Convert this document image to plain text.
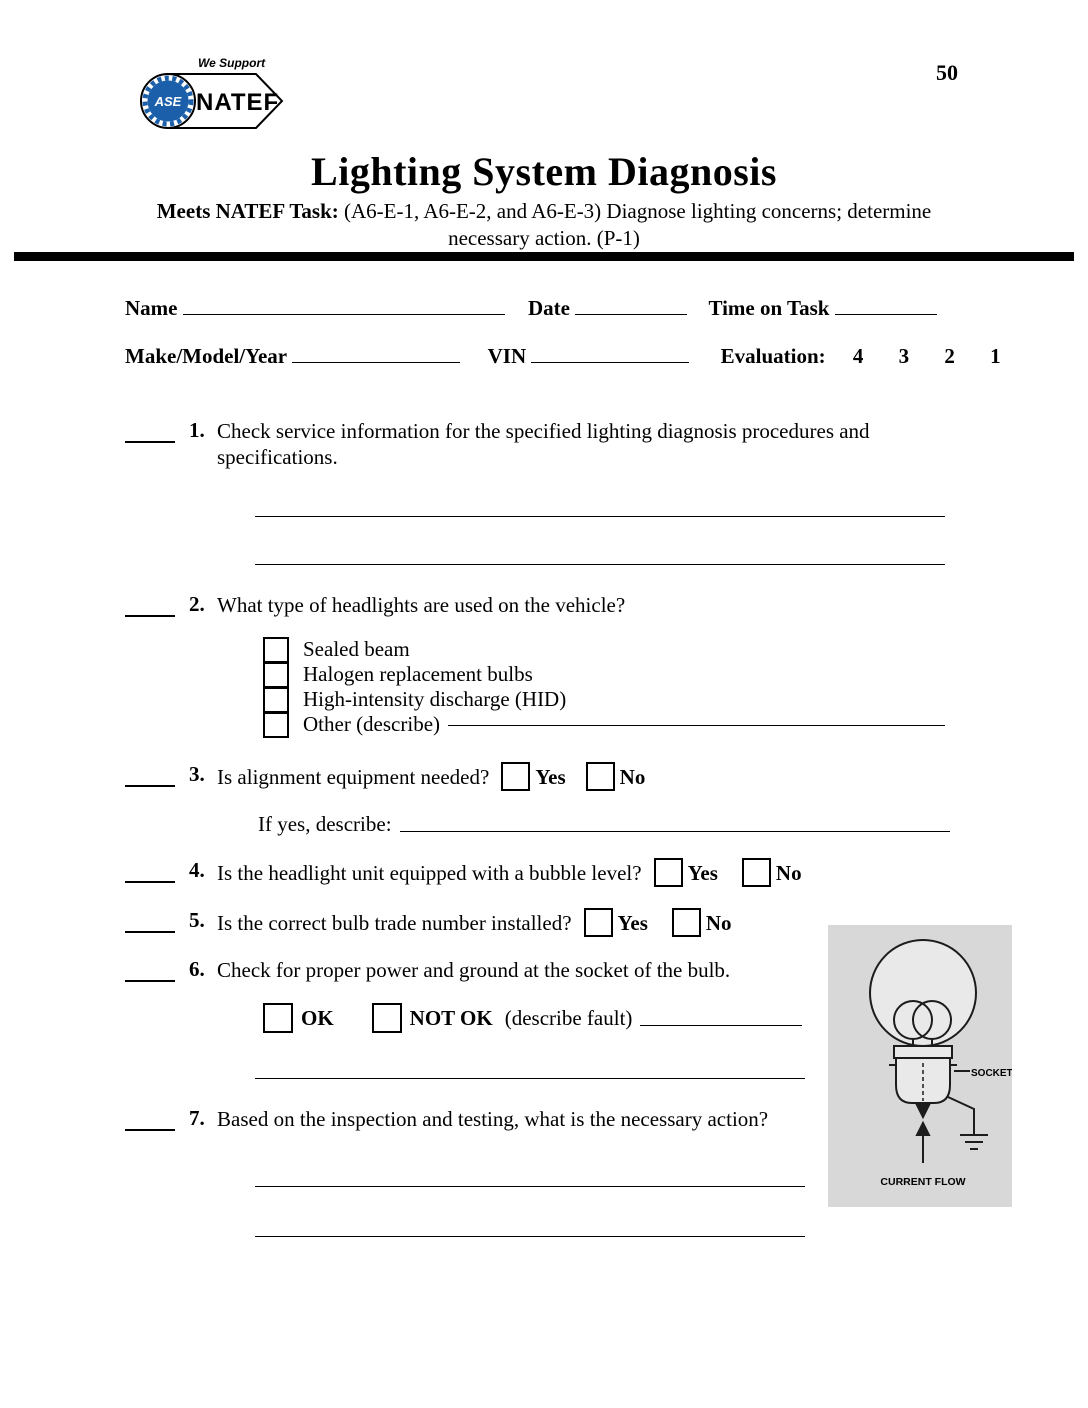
50
We Support
ASE NATEF
Lighting System Diagnosis
Meets NATEF Task: (A6-E-1, A6-E-2, and A6-E-3) Diagnose lighting concerns; determine
necessary action. (P-1)
Name	Date	Time on Task
Make/Model/Year	VIN	Evaluation: 4 3 2 1
1. Check service information for the specified lighting diagnosis procedures and specifications.
2. What type of headlights are used on the vehicle?
Sealed beam
Halogen replacement bulbs
High-intensity discharge (HID)
Other (describe)
3. Is alignment equipment needed? Yes	No
If yes, describe:
4. Is the headlight unit equipped with a bubble level? Yes	No
5. Is the correct bulb trade number installed? Yes	No
6. Check for proper power and ground at the socket of the bulb.
OK	NOT OK (describe fault)
7. Based on the inspection and testing, what is the necessary action?
SOCKET
CURRENT FLOW
